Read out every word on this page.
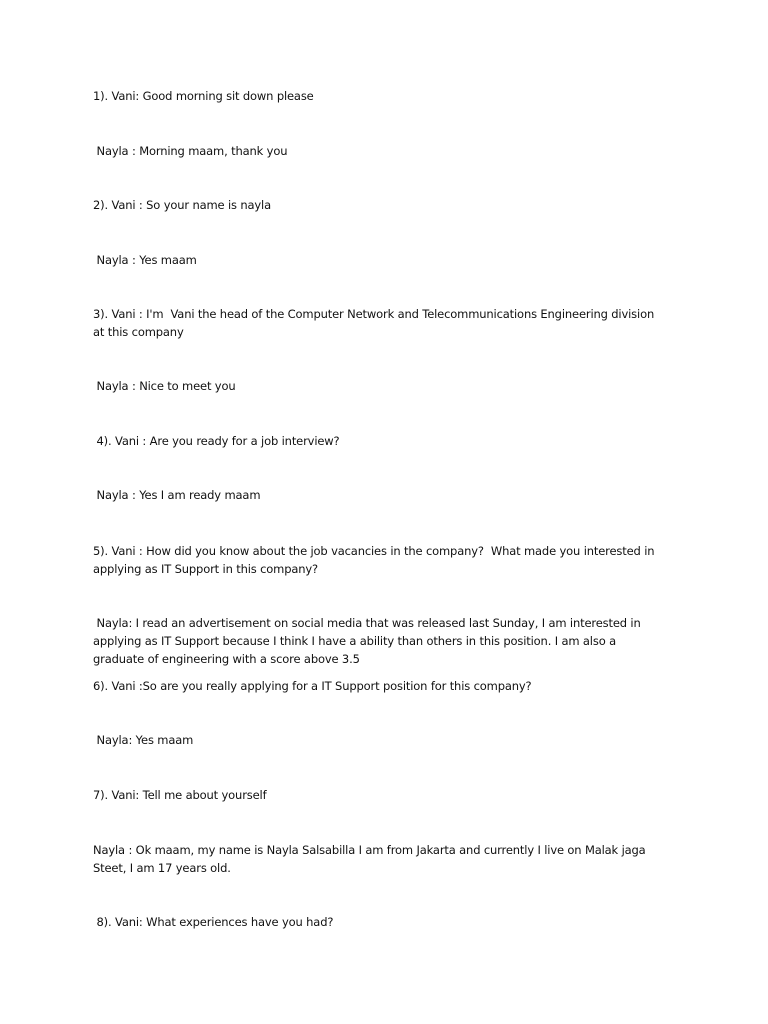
1). Vani: Good morning sit down please
Nayla : Morning maam, thank you
2). Vani : So your name is nayla
Nayla : Yes maam
3). Vani : I'm  Vani the head of the Computer Network and Telecommunications Engineering division
at this company
Nayla : Nice to meet you
4). Vani : Are you ready for a job interview?
Nayla : Yes I am ready maam
5). Vani : How did you know about the job vacancies in the company?  What made you interested in
applying as IT Support in this company?
Nayla: I read an advertisement on social media that was released last Sunday, I am interested in
applying as IT Support because I think I have a ability than others in this position. I am also a
graduate of engineering with a score above 3.5
6). Vani :So are you really applying for a IT Support position for this company?
Nayla: Yes maam
7). Vani: Tell me about yourself
Nayla : Ok maam, my name is Nayla Salsabilla I am from Jakarta and currently I live on Malak jaga
Steet, I am 17 years old.
8). Vani: What experiences have you had?
